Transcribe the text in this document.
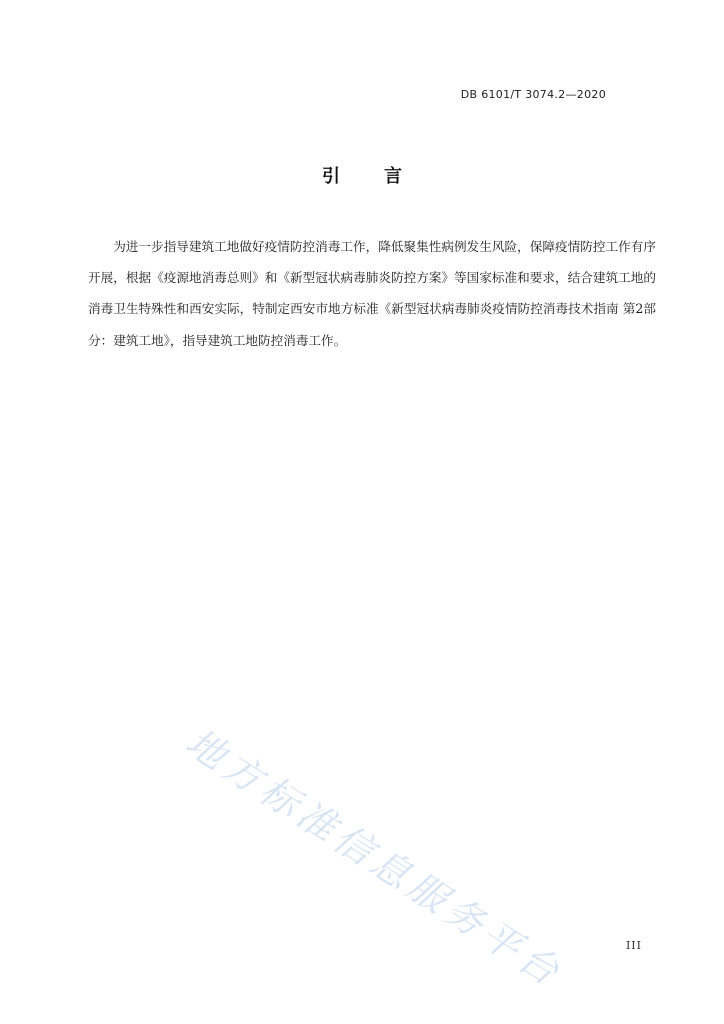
DB 6101/T 3074.2—2020
引 言

为进一步指导建筑工地做好疫情防控消毒工作，降低聚集性病例发生风险，保障疫情防控工作有序开展，根据《疫源地消毒总则》和《新型冠状病毒肺炎防控方案》等国家标准和要求，结合建筑工地的消毒卫生特殊性和西安实际，特制定西安市地方标准《新型冠状病毒肺炎疫情防控消毒技术指南 第2部分：建筑工地》，指导建筑工地防控消毒工作。

地方标准信息服务平台	III
